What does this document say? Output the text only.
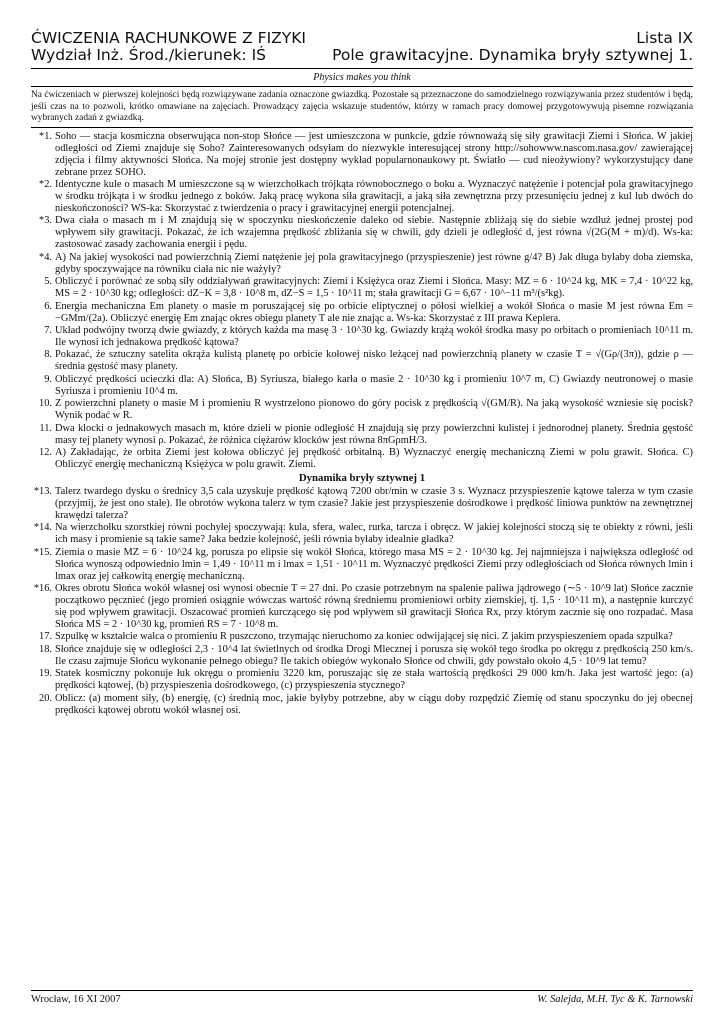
ĆWICZENIA RACHUNKOWE Z FIZYKI	Lista IX
Wydział Inż. Środ./kierunek: IŚ	Pole grawitacyjne. Dynamika bryły sztywnej 1.
Physics makes you think
Na ćwiczeniach w pierwszej kolejności będą rozwiązywane zadania oznaczone gwiazdką. Pozostałe są przeznaczone do samodzielnego rozwiązywania przez studentów i będą, jeśli czas na to pozwoli, krótko omawiane na zajęciach. Prowadzący zajęcia wskazuje studentów, którzy w ramach pracy domowej przygotowywują pisemne rozwiązania wybranych zadań z gwiazdką.
*1. Soho — stacja kosmiczna obserwująca non-stop Słońce — jest umieszczona w punkcie, gdzie równoważą się siły grawitacji Ziemi i Słońca. W jakiej odległości od Ziemi znajduje się Soho? Zainteresowanych odsyłam do niezwykle interesującej strony http://sohowww.nascom.nasa.gov/ zawierającej zdjęcia i filmy aktywności Słońca. Na mojej stronie jest dostępny wykład popularnonaukowy pt. Światło — cud nieożywiony? wykorzystujący dane zebrane przez SOHO.
*2. Identyczne kule o masach M umieszczone są w wierzchołkach trójkąta równobocznego o boku a. Wyznaczyć natężenie i potencjał pola grawitacyjnego w środku trójkąta i w środku jednego z boków. Jaką pracę wykona siła grawitacji, a jaką siła zewnętrzna przy przesunięciu jednej z kul lub dwóch do nieskończoności? WS-ka: Skorzystać z twierdzenia o pracy i grawitacyjnej energii potencjalnej.
*3. Dwa ciała o masach m i M znajdują się w spoczynku nieskończenie daleko od siebie. Następnie zbliżają się do siebie wzdłuż jednej prostej pod wpływem siły grawitacji. Pokazać, że ich wzajemna prędkość zbliżania się w chwili, gdy dzieli je odległość d, jest równa √(2G(M + m)/d). Ws-ka: zastosować zasady zachowania energii i pędu.
*4. A) Na jakiej wysokości nad powierzchnią Ziemi natężenie jej pola grawitacyjnego (przyspieszenie) jest równe g/4? B) Jak długa byłaby doba ziemska, gdyby spoczywające na równiku ciała nic nie ważyły?
5. Obliczyć i porównać ze sobą siły oddziaływań grawitacyjnych: Ziemi i Księżyca oraz Ziemi i Słońca. Masy: MZ = 6 · 10^24 kg, MK = 7,4 · 10^22 kg, MS = 2 · 10^30 kg; odległości: dZ−K = 3,8 · 10^8 m, dZ−S = 1,5 · 10^11 m; stała grawitacji G = 6,67 · 10^−11 m³/(s²kg).
6. Energia mechaniczna Em planety o masie m poruszającej się po orbicie eliptycznej o półosi wielkiej a wokół Słońca o masie M jest równa Em = −GMm/(2a). Obliczyć energię Em znając okres obiegu planety T ale nie znając a. Ws-ka: Skorzystać z III prawa Keplera.
7. Układ podwójny tworzą dwie gwiazdy, z których każda ma masę 3 · 10^30 kg. Gwiazdy krążą wokół środka masy po orbitach o promieniach 10^11 m. Ile wynosi ich jednakowa prędkość kątowa?
8. Pokazać, że sztuczny satelita okrąża kulistą planetę po orbicie kołowej nisko leżącej nad powierzchnią planety w czasie T = √(Gρ/(3π)), gdzie ρ — średnia gęstość masy planety.
9. Obliczyć prędkości ucieczki dla: A) Słońca, B) Syriusza, białego karła o masie 2 · 10^30 kg i promieniu 10^7 m, C) Gwiazdy neutronowej o masie Syriusza i promieniu 10^4 m.
10. Z powierzchni planety o masie M i promieniu R wystrzelono pionowo do góry pocisk z prędkością √(GM/R). Na jaką wysokość wzniesie się pocisk? Wynik podać w R.
11. Dwa klocki o jednakowych masach m, które dzieli w pionie odległość H znajdują się przy powierzchni kulistej i jednorodnej planety. Średnia gęstość masy tej planety wynosi ρ. Pokazać, że różnica ciężarów klocków jest równa 8πGρmH/3.
12. A) Zakładając, że orbita Ziemi jest kołowa obliczyć jej prędkość orbitalną. B) Wyznaczyć energię mechaniczną Ziemi w polu grawit. Słońca. C) Obliczyć energię mechaniczną Księżyca w polu grawit. Ziemi.
Dynamika bryły sztywnej 1
*13. Talerz twardego dysku o średnicy 3,5 cala uzyskuje prędkość kątową 7200 obr/min w czasie 3 s. Wyznacz przyspieszenie kątowe talerza w tym czasie (przyjmij, że jest ono stałe). Ile obrotów wykona talerz w tym czasie? Jakie jest przyspieszenie dośrodkowe i prędkość liniowa punktów na zewnętrznej krawędzi talerza?
*14. Na wierzchołku szorstkiej równi pochyłej spoczywają: kula, sfera, walec, rurka, tarcza i obręcz. W jakiej kolejności stoczą się te obiekty z równi, jeśli ich masy i promienie są takie same? Jaka bedzie kolejność, jeśli równia byłaby idealnie gładka?
*15. Ziemia o masie MZ = 6 · 10^24 kg, porusza po elipsie się wokół Słońca, którego masa MS = 2 · 10^30 kg. Jej najmniejsza i największa odległość od Słońca wynoszą odpowiednio lmin = 1,49 · 10^11 m i lmax = 1,51 · 10^11 m. Wyznaczyć prędkości Ziemi przy odległościach od Słońca równych lmin i lmax oraz jej całkowitą energię mechaniczną.
*16. Okres obrotu Słońca wokół własnej osi wynosi obecnie T = 27 dni. Po czasie potrzebnym na spalenie paliwa jądrowego (∼5 · 10^9 lat) Słońce zacznie początkowo pęcznieć (jego promień osiągnie wówczas wartość równą średniemu promieniowi orbity ziemskiej, tj. 1,5 · 10^11 m), a następnie kurczyć się pod wpływem grawitacji. Oszacować promień kurczącego się pod wpływem sił grawitacji Słońca Rx, przy którym zacznie się ono rozpadać. Masa Słońca MS = 2 · 10^30 kg, promień RS = 7 · 10^8 m.
17. Szpulkę w kształcie walca o promieniu R puszczono, trzymając nieruchomo za koniec odwijającej się nici. Z jakim przyspieszeniem opada szpulka?
18. Słońce znajduje się w odległości 2,3 · 10^4 lat świetlnych od środka Drogi Mlecznej i porusza się wokół tego środka po okręgu z prędkością 250 km/s. Ile czasu zajmuje Słońcu wykonanie pełnego obiegu? Ile takich obiegów wykonało Słońce od chwili, gdy powstało około 4,5 · 10^9 lat temu?
19. Statek kosmiczny pokonuje łuk okręgu o promieniu 3220 km, poruszając się ze stała wartością prędkości 29 000 km/h. Jaka jest wartość jego: (a) prędkości kątowej, (b) przyspieszenia dośrodkowego, (c) przyspieszenia stycznego?
20. Oblicz: (a) moment siły, (b) energię, (c) średnią moc, jakie byłyby potrzebne, aby w ciągu doby rozpędzić Ziemię od stanu spoczynku do jej obecnej prędkości kątowej obrotu wokół własnej osi.
Wrocław, 16 XI 2007	W. Salejda, M.H. Tyc & K. Tarnowski
